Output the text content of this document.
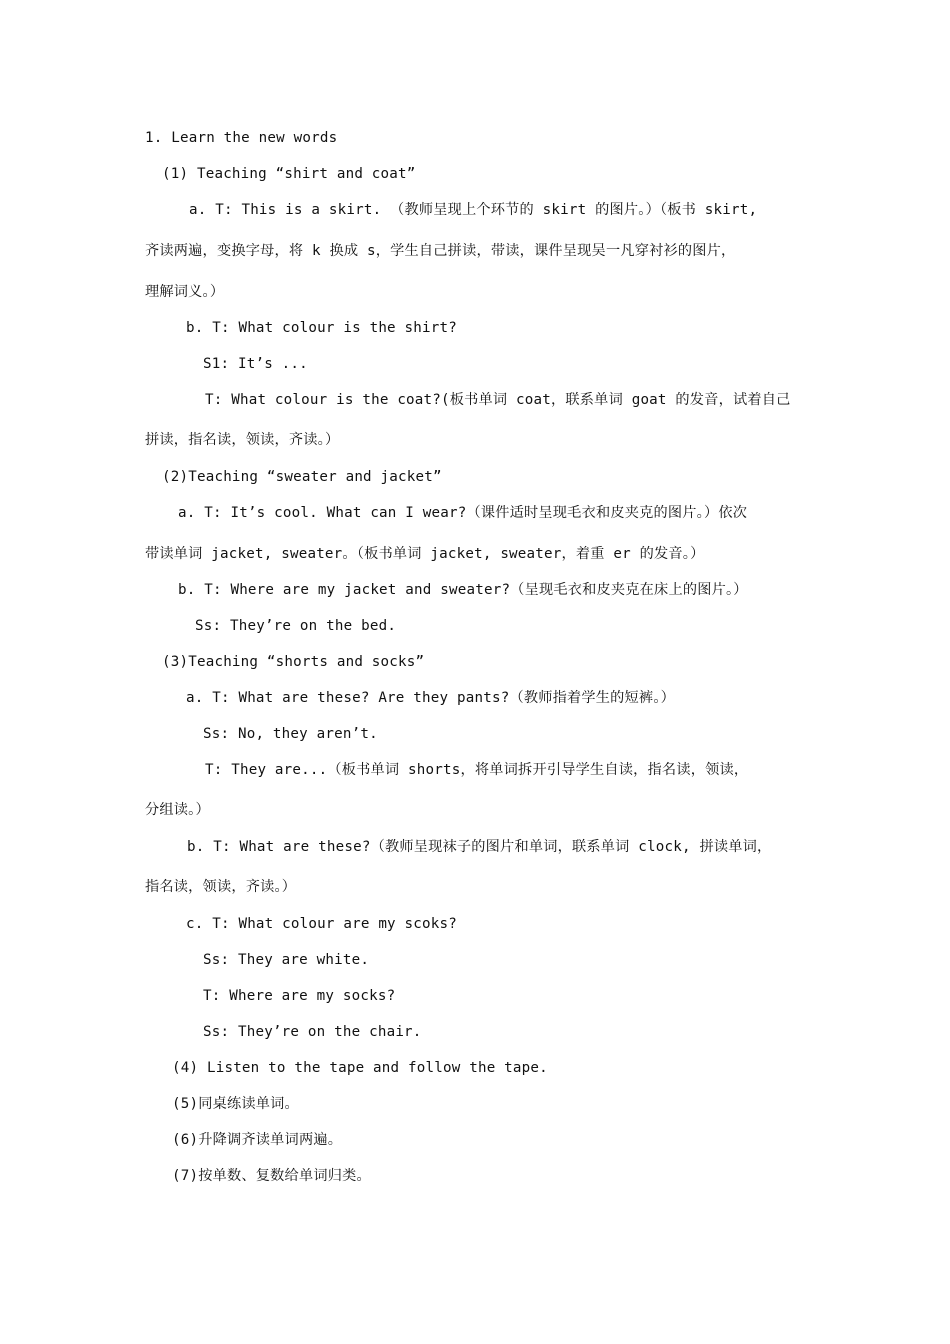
1. Learn the new words
(1) Teaching “shirt and coat”
a. T: This is a skirt. （教师呈现上个环节的 skirt 的图片。）（板书 skirt,
齐读两遍，变换字母，将 k 换成 s，学生自己拼读，带读，课件呈现吴一凡穿衬衫的图片，
理解词义。）
b. T: What colour is the shirt?
S1: It’s ...
T: What colour is the coat?(板书单词 coat，联系单词 goat 的发音，试着自己
拼读，指名读，领读，齐读。）
(2)Teaching “sweater and jacket”
a. T: It’s cool. What can I wear?（课件适时呈现毛衣和皮夹克的图片。）依次
带读单词 jacket, sweater。（板书单词 jacket, sweater，着重 er 的发音。）
b. T: Where are my jacket and sweater?（呈现毛衣和皮夹克在床上的图片。）
Ss: They’re on the bed.
(3)Teaching “shorts and socks”
a. T: What are these? Are they pants?（教师指着学生的短裤。）
Ss: No, they aren’t.
T: They are...（板书单词 shorts，将单词拆开引导学生自读，指名读，领读，
分组读。）
b. T: What are these?（教师呈现袜子的图片和单词，联系单词 clock, 拼读单词，
指名读，领读，齐读。）
c. T: What colour are my scoks?
Ss: They are white.
T: Where are my socks?
Ss: They’re on the chair.
(4) Listen to the tape and follow the tape.
(5)同桌练读单词。
(6)升降调齐读单词两遍。
(7)按单数、复数给单词归类。
